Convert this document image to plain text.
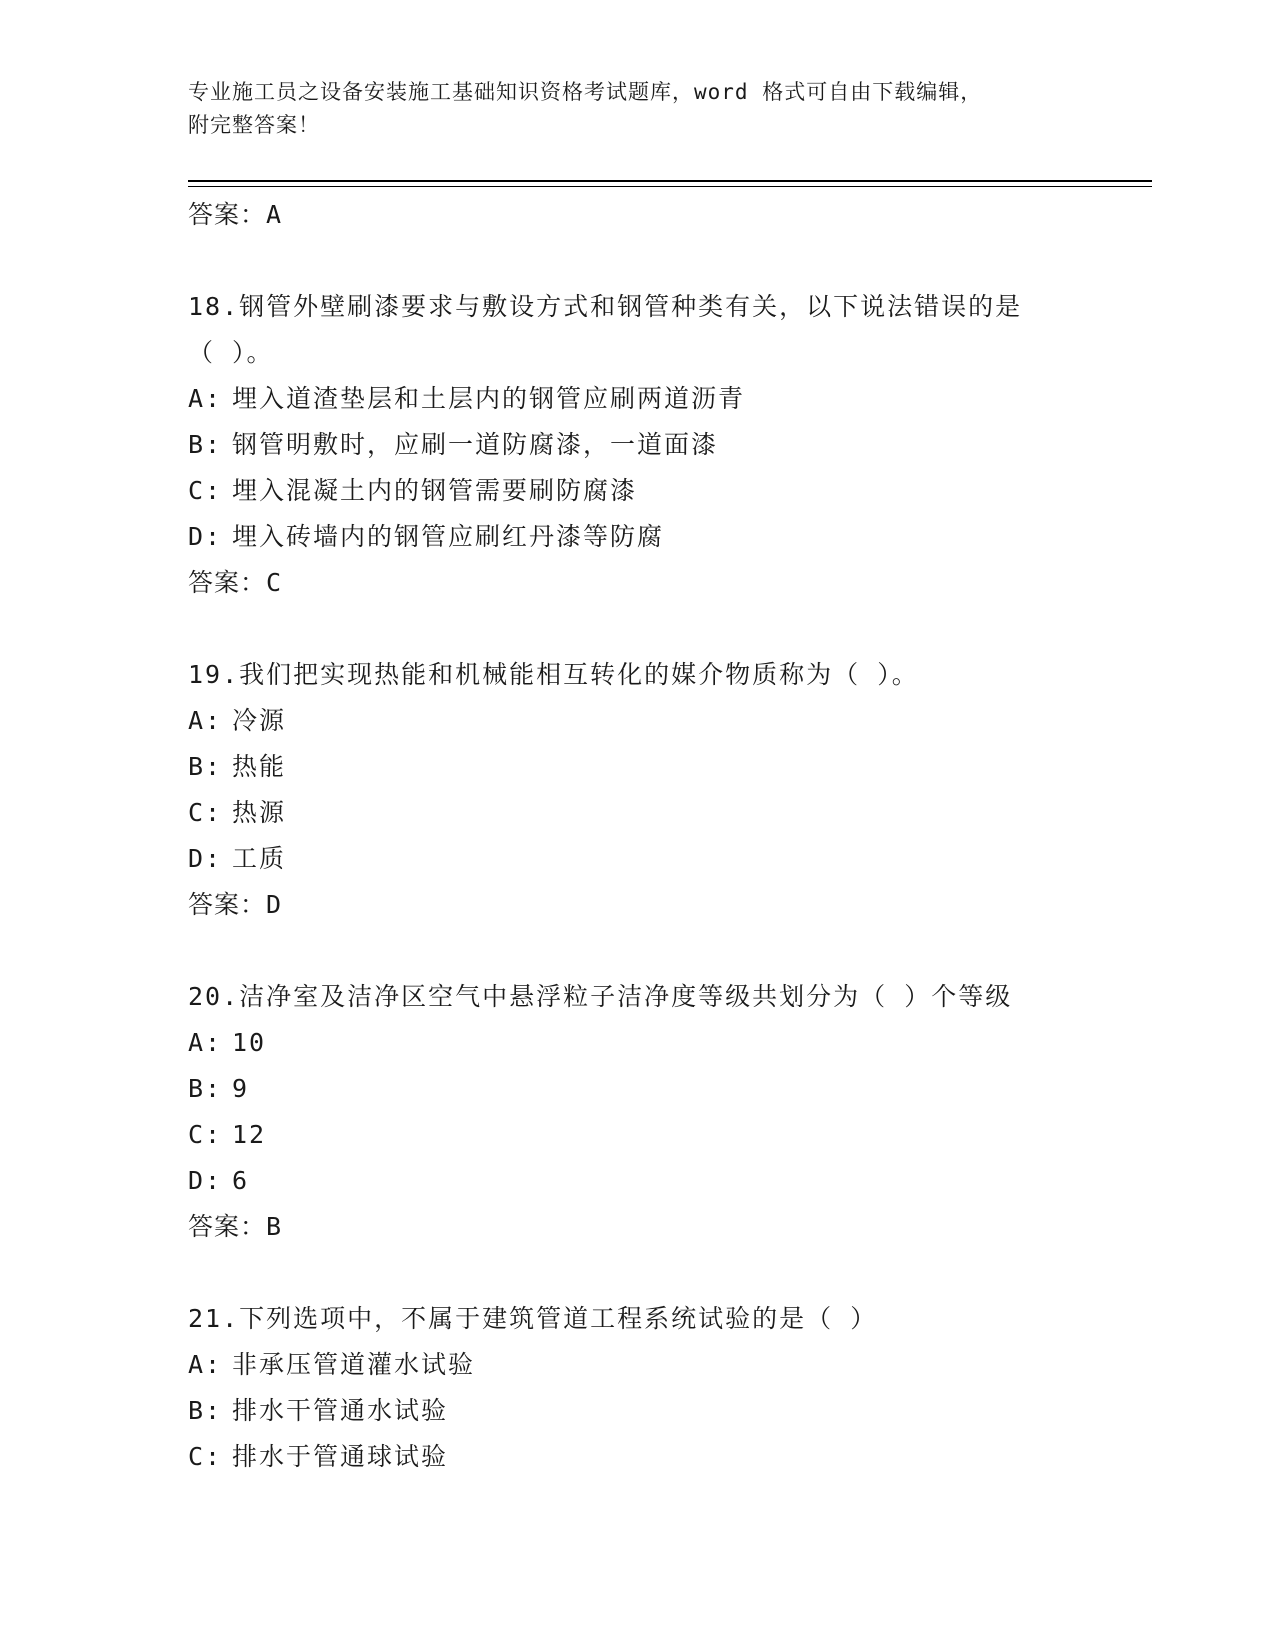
专业施工员之设备安装施工基础知识资格考试题库，word 格式可自由下载编辑，
附完整答案！
答案：A
18.钢管外壁刷漆要求与敷设方式和钢管种类有关，以下说法错误的是
（ ）。
A: 埋入道渣垫层和土层内的钢管应刷两道沥青
B: 钢管明敷时，应刷一道防腐漆，一道面漆
C: 埋入混凝土内的钢管需要刷防腐漆
D: 埋入砖墙内的钢管应刷红丹漆等防腐
答案：C
19.我们把实现热能和机械能相互转化的媒介物质称为（ ）。
A: 冷源
B: 热能
C: 热源
D: 工质
答案：D
20.洁净室及洁净区空气中悬浮粒子洁净度等级共划分为（ ）个等级
A: 10
B: 9
C: 12
D: 6
答案：B
21.下列选项中，不属于建筑管道工程系统试验的是（ ）
A: 非承压管道灌水试验
B: 排水干管通水试验
C: 排水于管通球试验
